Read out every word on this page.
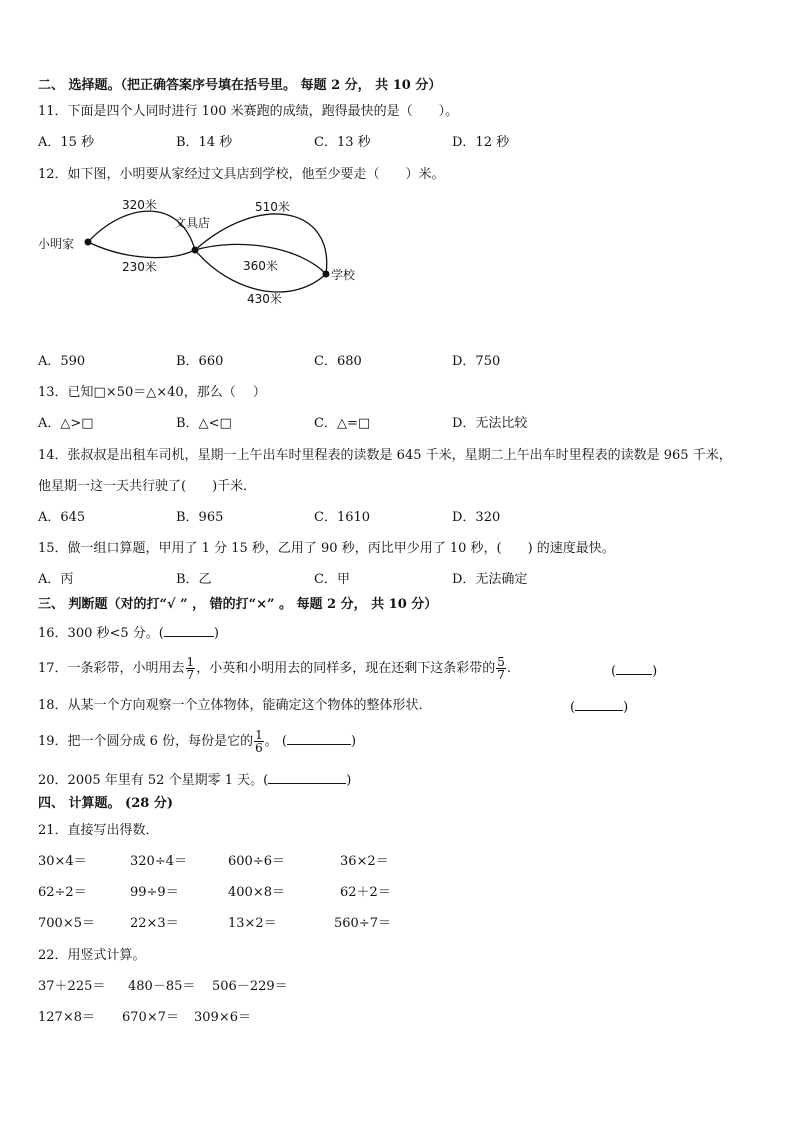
二、 选择题。（把正确答案序号填在括号里。 每题 2 分， 共 10 分）
11．下面是四个人同时进行 100 米赛跑的成绩，跑得最快的是（　　）。
A．15 秒	B．14 秒	C．13 秒	D．12 秒
12．如下图，小明要从家经过文具店到学校，他至少要走（　　）米。
小明家
文具店
学校
320米
230米
510米
360米
430米
A．590	B．660	C．680	D．750
13．已知□×50＝△×40，那么（　 ）
A．△>□	B．△<□	C．△=□	D．无法比较
14．张叔叔是出租车司机，星期一上午出车时里程表的读数是 645 千米，星期二上午出车时里程表的读数是 965 千米，
他星期一这一天共行驶了(　　)千米．
A．645	B．965	C．1610	D．320
15．做一组口算题，甲用了 1 分 15 秒，乙用了 90 秒，丙比甲少用了 10 秒，(　　) 的速度最快。
A．丙	B．乙	C．甲	D．无法确定
三、 判断题（对的打“√ ” ， 错的打“×” 。 每题 2 分， 共 10 分）
16．300 秒<5 分。(	)
17．一条彩带，小明用去 $\frac{1}{7}$ ，小英和小明用去的同样多，现在还剩下这条彩带的 $\frac{5}{7}$ .	(	)
18．从某一个方向观察一个立体物体，能确定这个物体的整体形状．	(	)
19．把一个圆分成 6 份，每份是它的 $\frac{1}{6}$ 。 (	)
20．2005 年里有 52 个星期零 1 天。(	)
四、 计算题。 (28 分)
21．直接写出得数．
30×4＝	320÷4＝	600÷6＝	36×2＝
62÷2＝	99÷9＝	400×8＝	62＋2＝
700×5＝	22×3＝	13×2＝	560÷7＝
22．用竖式计算。
37＋225＝ 480－85＝ 506－229＝
127×8＝ 670×7＝ 309×6＝
